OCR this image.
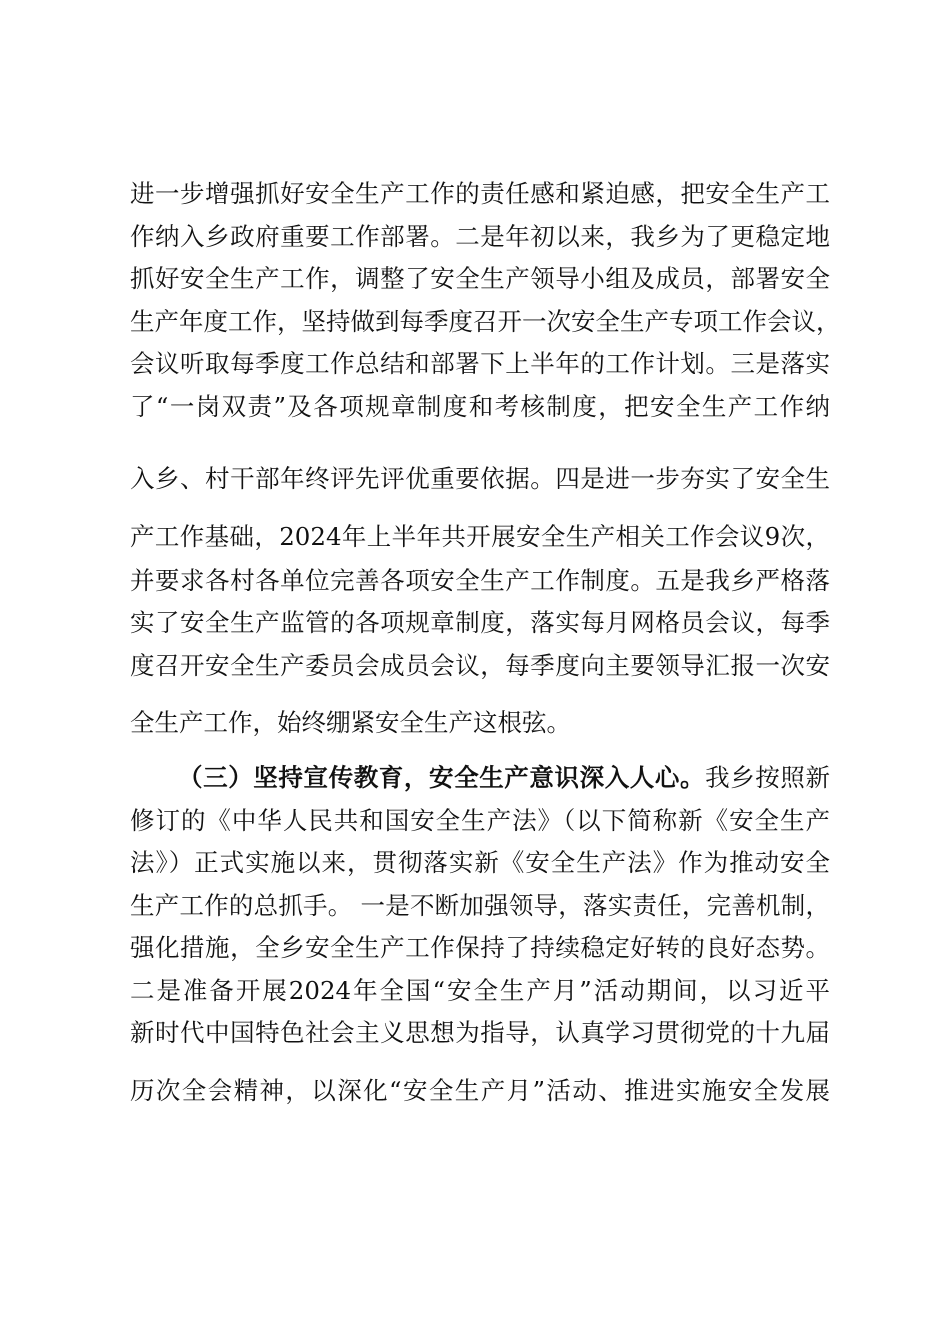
进一步增强抓好安全生产工作的责任感和紧迫感，把安全生产工
作纳入乡政府重要工作部署。二是年初以来，我乡为了更稳定地
抓好安全生产工作，调整了安全生产领导小组及成员，部署安全
生产年度工作，坚持做到每季度召开一次安全生产专项工作会议，
会议听取每季度工作总结和部署下上半年的工作计划。三是落实
了“一岗双责”及各项规章制度和考核制度，把安全生产工作纳
入乡、村干部年终评先评优重要依据。四是进一步夯实了安全生
产工作基础，2024年上半年共开展安全生产相关工作会议9次，
并要求各村各单位完善各项安全生产工作制度。五是我乡严格落
实了安全生产监管的各项规章制度，落实每月网格员会议，每季
度召开安全生产委员会成员会议，每季度向主要领导汇报一次安
全生产工作，始终绷紧安全生产这根弦。
（三）坚持宣传教育，安全生产意识深入人心。我乡按照新
修订的《中华人民共和国安全生产法》（以下简称新《安全生产
法》）正式实施以来，贯彻落实新《安全生产法》作为推动安全
生产工作的总抓手。 一是不断加强领导，落实责任，完善机制，
强化措施，全乡安全生产工作保持了持续稳定好转的良好态势。
二是准备开展2024年全国“安全生产月”活动期间，以习近平
新时代中国特色社会主义思想为指导，认真学习贯彻党的十九届
历次全会精神，以深化“安全生产月”活动、推进实施安全发展
